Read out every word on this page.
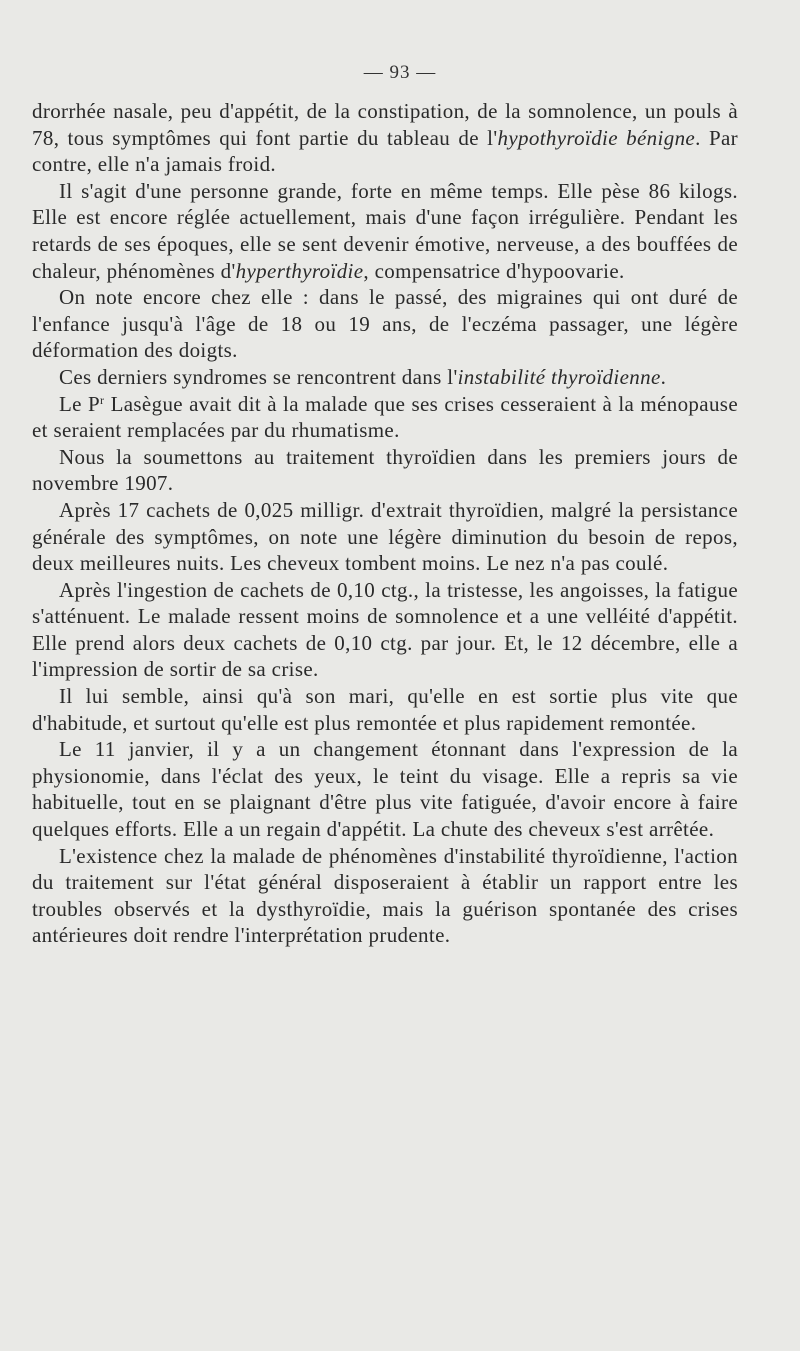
— 93 —

drorrhée nasale, peu d'appétit, de la constipation, de la somnolence, un pouls à 78, tous symptômes qui font partie du tableau de l'hypothyroïdie bénigne. Par contre, elle n'a jamais froid.

Il s'agit d'une personne grande, forte en même temps. Elle pèse 86 kilogs. Elle est encore réglée actuellement, mais d'une façon irrégulière. Pendant les retards de ses époques, elle se sent devenir émotive, nerveuse, a des bouffées de chaleur, phénomènes d'hyperthyroïdie, compensatrice d'hypoovarie.

On note encore chez elle : dans le passé, des migraines qui ont duré de l'enfance jusqu'à l'âge de 18 ou 19 ans, de l'eczéma passager, une légère déformation des doigts.

Ces derniers syndromes se rencontrent dans l'instabilité thyroïdienne.

Le $P^r$ Lasègue avait dit à la malade que ses crises cesseraient à la ménopause et seraient remplacées par du rhumatisme.

Nous la soumettons au traitement thyroïdien dans les premiers jours de novembre 1907.

Après 17 cachets de 0,025 milligr. d'extrait thyroïdien, malgré la persistance générale des symptômes, on note une légère diminution du besoin de repos, deux meilleures nuits. Les cheveux tombent moins. Le nez n'a pas coulé.

Après l'ingestion de cachets de 0,10 ctg., la tristesse, les angoisses, la fatigue s'atténuent. Le malade ressent moins de somnolence et a une velléité d'appétit. Elle prend alors deux cachets de 0,10 ctg. par jour. Et, le 12 décembre, elle a l'impression de sortir de sa crise.

Il lui semble, ainsi qu'à son mari, qu'elle en est sortie plus vite que d'habitude, et surtout qu'elle est plus remontée et plus rapidement remontée.

Le 11 janvier, il y a un changement étonnant dans l'expression de la physionomie, dans l'éclat des yeux, le teint du visage. Elle a repris sa vie habituelle, tout en se plaignant d'être plus vite fatiguée, d'avoir encore à faire quelques efforts. Elle a un regain d'appétit. La chute des cheveux s'est arrêtée.

L'existence chez la malade de phénomènes d'instabilité thyroïdienne, l'action du traitement sur l'état général disposeraient à établir un rapport entre les troubles observés et la dysthyroïdie, mais la guérison spontanée des crises antérieures doit rendre l'interprétation prudente.
